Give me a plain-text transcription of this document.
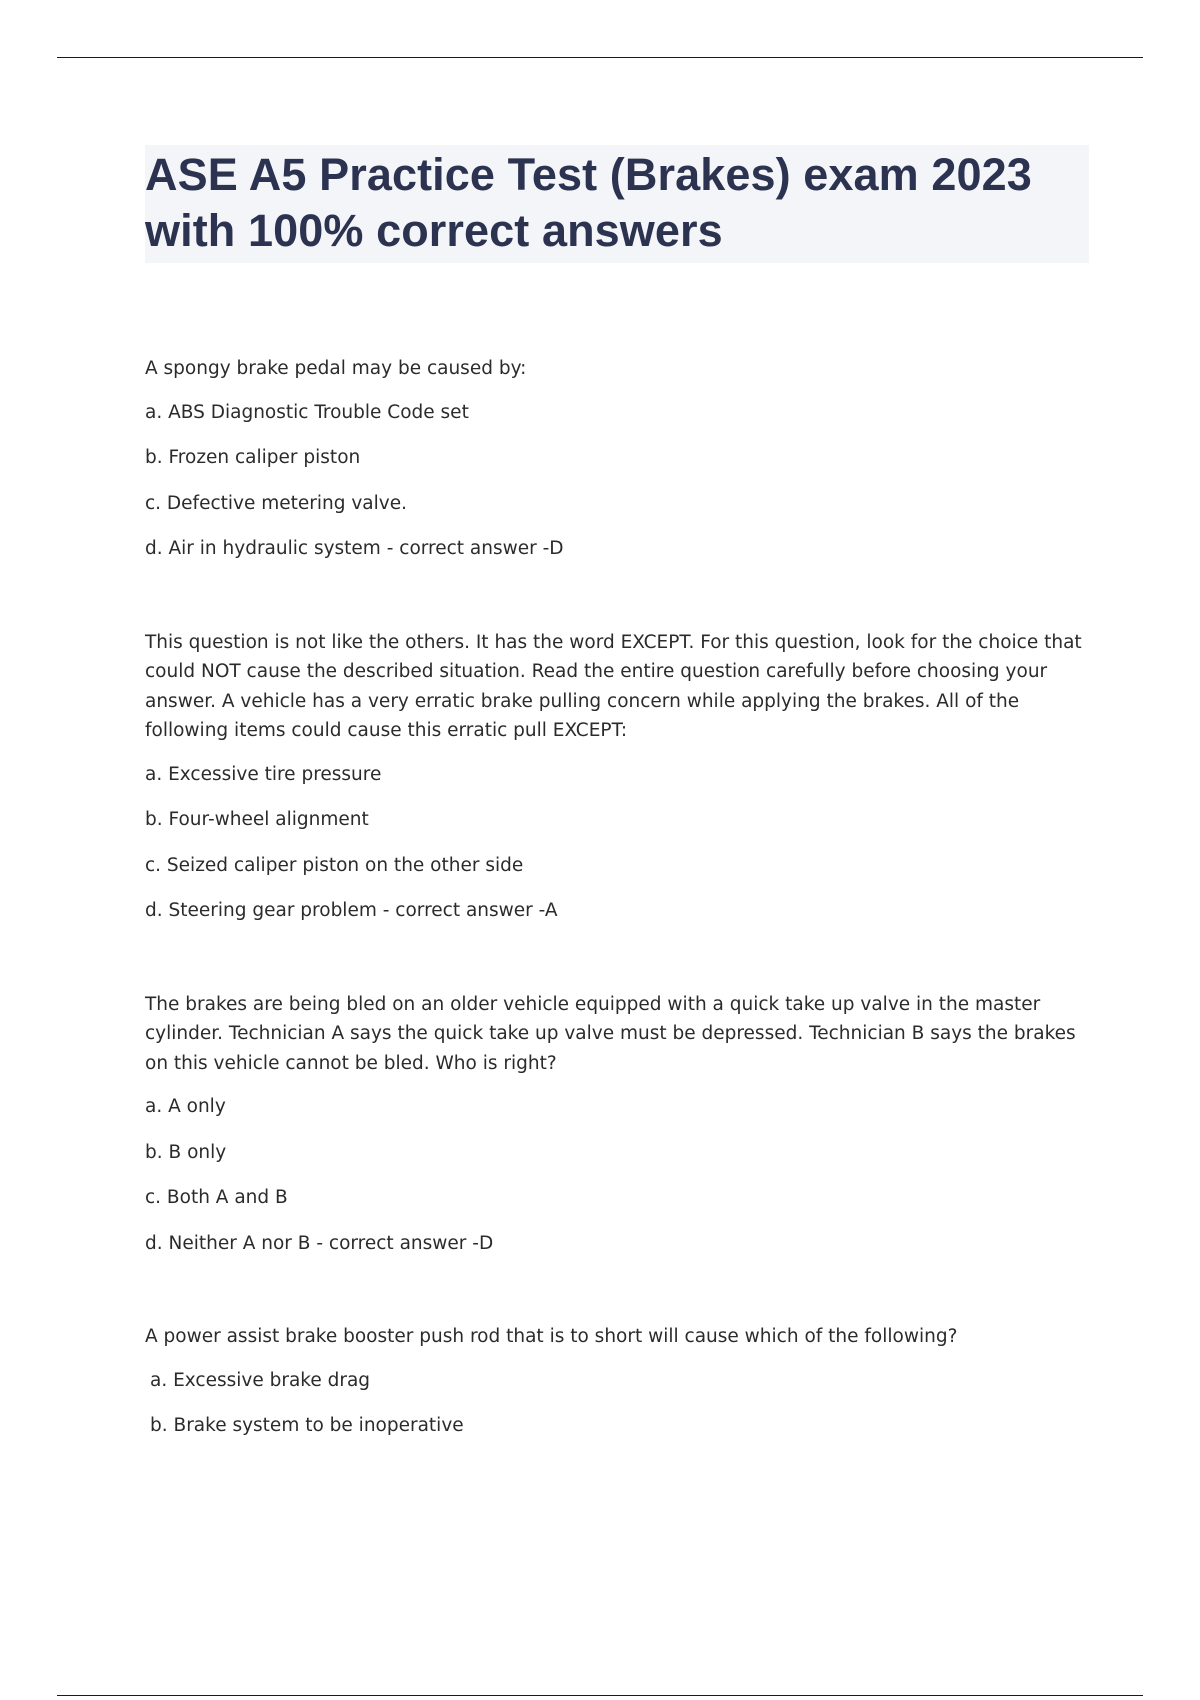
ASE A5 Practice Test (Brakes) exam 2023 with 100% correct answers

A spongy brake pedal may be caused by:

a. ABS Diagnostic Trouble Code set
b. Frozen caliper piston
c. Defective metering valve.
d. Air in hydraulic system - correct answer -D

This question is not like the others. It has the word EXCEPT. For this question, look for the choice that could NOT cause the described situation. Read the entire question carefully before choosing your answer. A vehicle has a very erratic brake pulling concern while applying the brakes. All of the following items could cause this erratic pull EXCEPT:

a. Excessive tire pressure
b. Four-wheel alignment
c. Seized caliper piston on the other side
d. Steering gear problem - correct answer -A

The brakes are being bled on an older vehicle equipped with a quick take up valve in the master cylinder. Technician A says the quick take up valve must be depressed. Technician B says the brakes on this vehicle cannot be bled. Who is right?

a. A only
b. B only
c. Both A and B
d. Neither A nor B - correct answer -D

A power assist brake booster push rod that is to short will cause which of the following?

a. Excessive brake drag
b. Brake system to be inoperative
